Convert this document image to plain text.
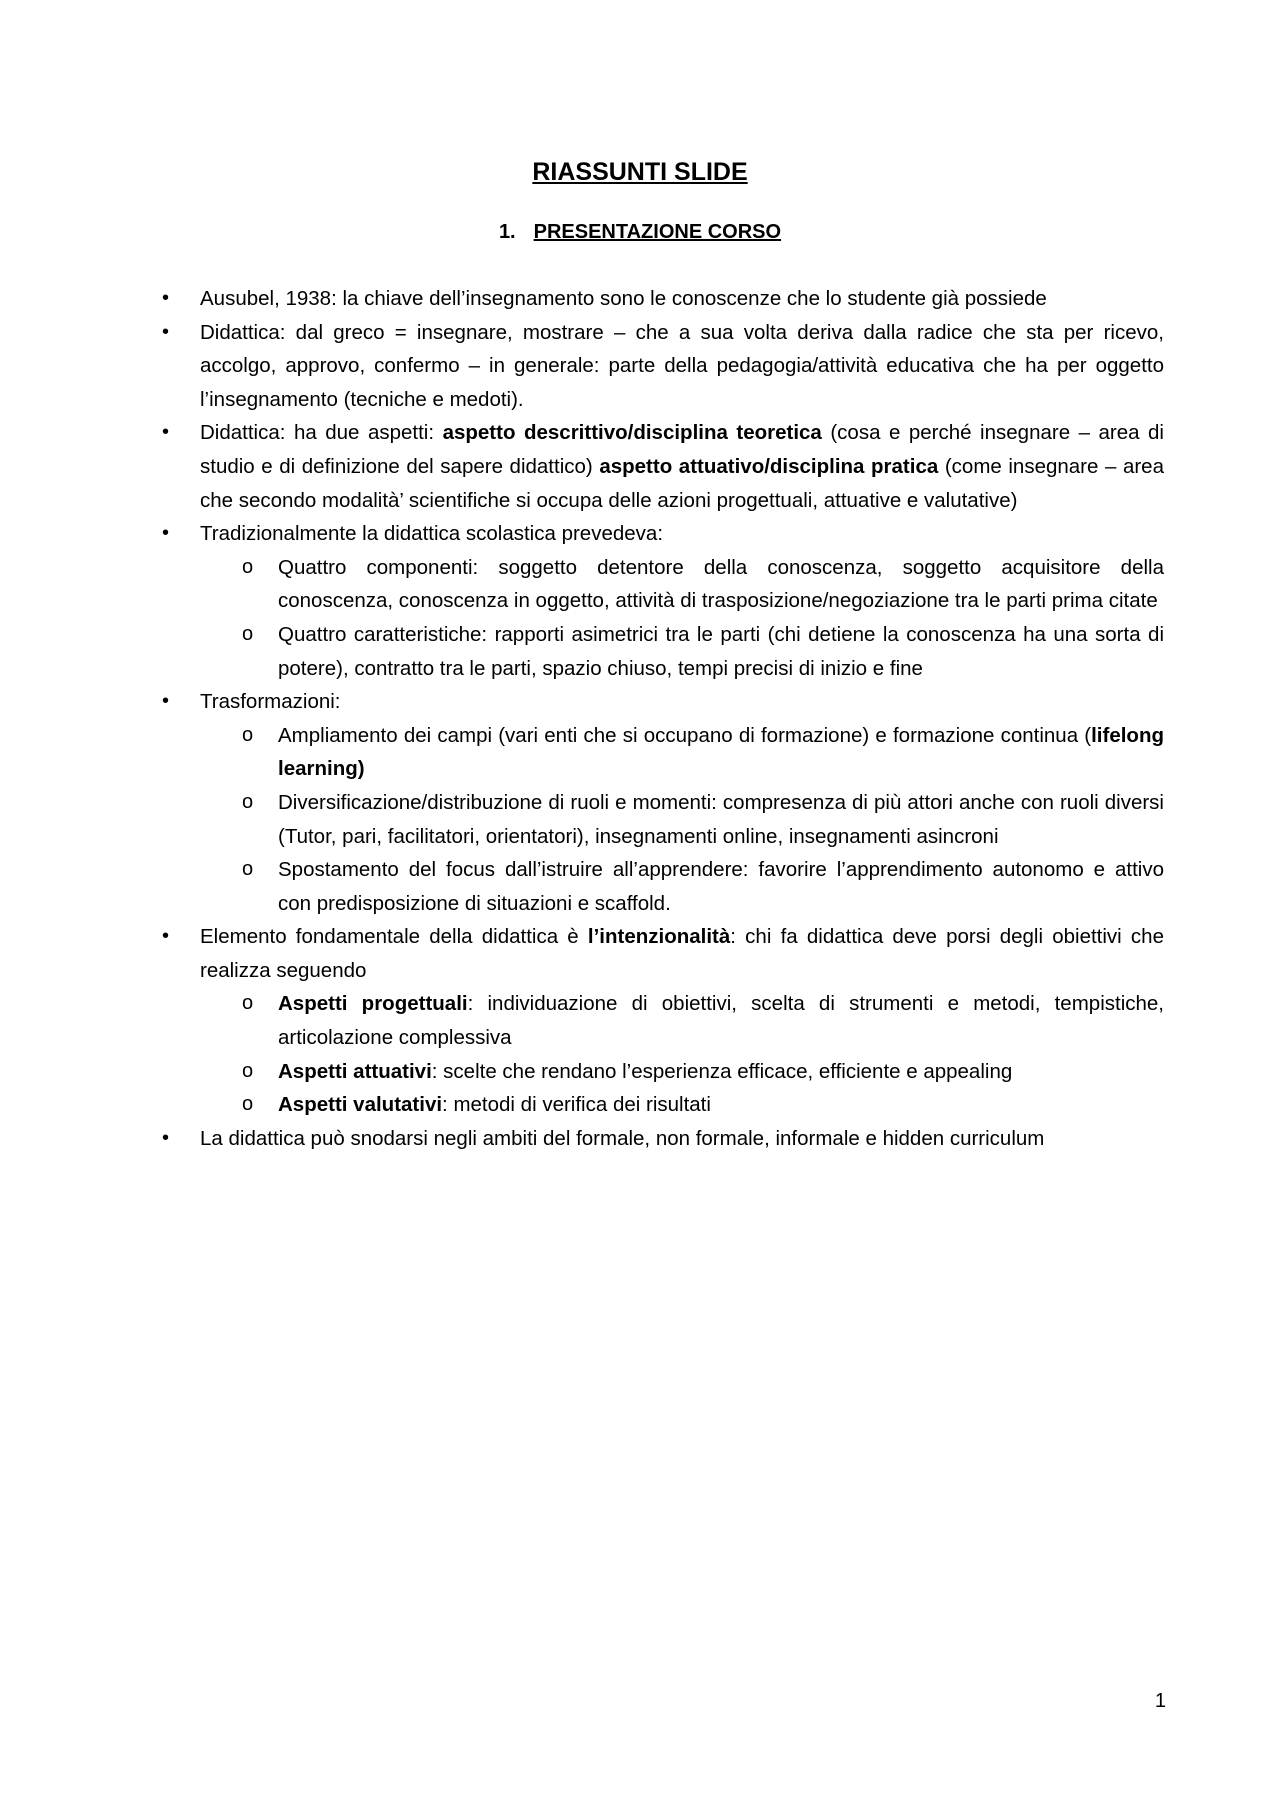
RIASSUNTI SLIDE
1. PRESENTAZIONE CORSO
• Ausubel, 1938: la chiave dell’insegnamento sono le conoscenze che lo studente già possiede
• Didattica: dal greco = insegnare, mostrare – che a sua volta deriva dalla radice che sta per ricevo, accolgo, approvo, confermo – in generale: parte della pedagogia/attività educativa che ha per oggetto l’insegnamento (tecniche e medoti).
• Didattica: ha due aspetti: aspetto descrittivo/disciplina teoretica (cosa e perché insegnare – area di studio e di definizione del sapere didattico) aspetto attuativo/disciplina pratica (come insegnare – area che secondo modalità’ scientifiche si occupa delle azioni progettuali, attuative e valutative)
• Tradizionalmente la didattica scolastica prevedeva:
o Quattro componenti: soggetto detentore della conoscenza, soggetto acquisitore della conoscenza, conoscenza in oggetto, attività di trasposizione/negoziazione tra le parti prima citate
o Quattro caratteristiche: rapporti asimetrici tra le parti (chi detiene la conoscenza ha una sorta di potere), contratto tra le parti, spazio chiuso, tempi precisi di inizio e fine
• Trasformazioni:
o Ampliamento dei campi (vari enti che si occupano di formazione) e formazione continua (lifelong learning)
o Diversificazione/distribuzione di ruoli e momenti: compresenza di più attori anche con ruoli diversi (Tutor, pari, facilitatori, orientatori), insegnamenti online, insegnamenti asincroni
o Spostamento del focus dall’istruire all’apprendere: favorire l’apprendimento autonomo e attivo con predisposizione di situazioni e scaffold.
• Elemento fondamentale della didattica è l’intenzionalità: chi fa didattica deve porsi degli obiettivi che realizza seguendo
o Aspetti progettuali: individuazione di obiettivi, scelta di strumenti e metodi, tempistiche, articolazione complessiva
o Aspetti attuativi: scelte che rendano l’esperienza efficace, efficiente e appealing
o Aspetti valutativi: metodi di verifica dei risultati
• La didattica può snodarsi negli ambiti del formale, non formale, informale e hidden curriculum
1
